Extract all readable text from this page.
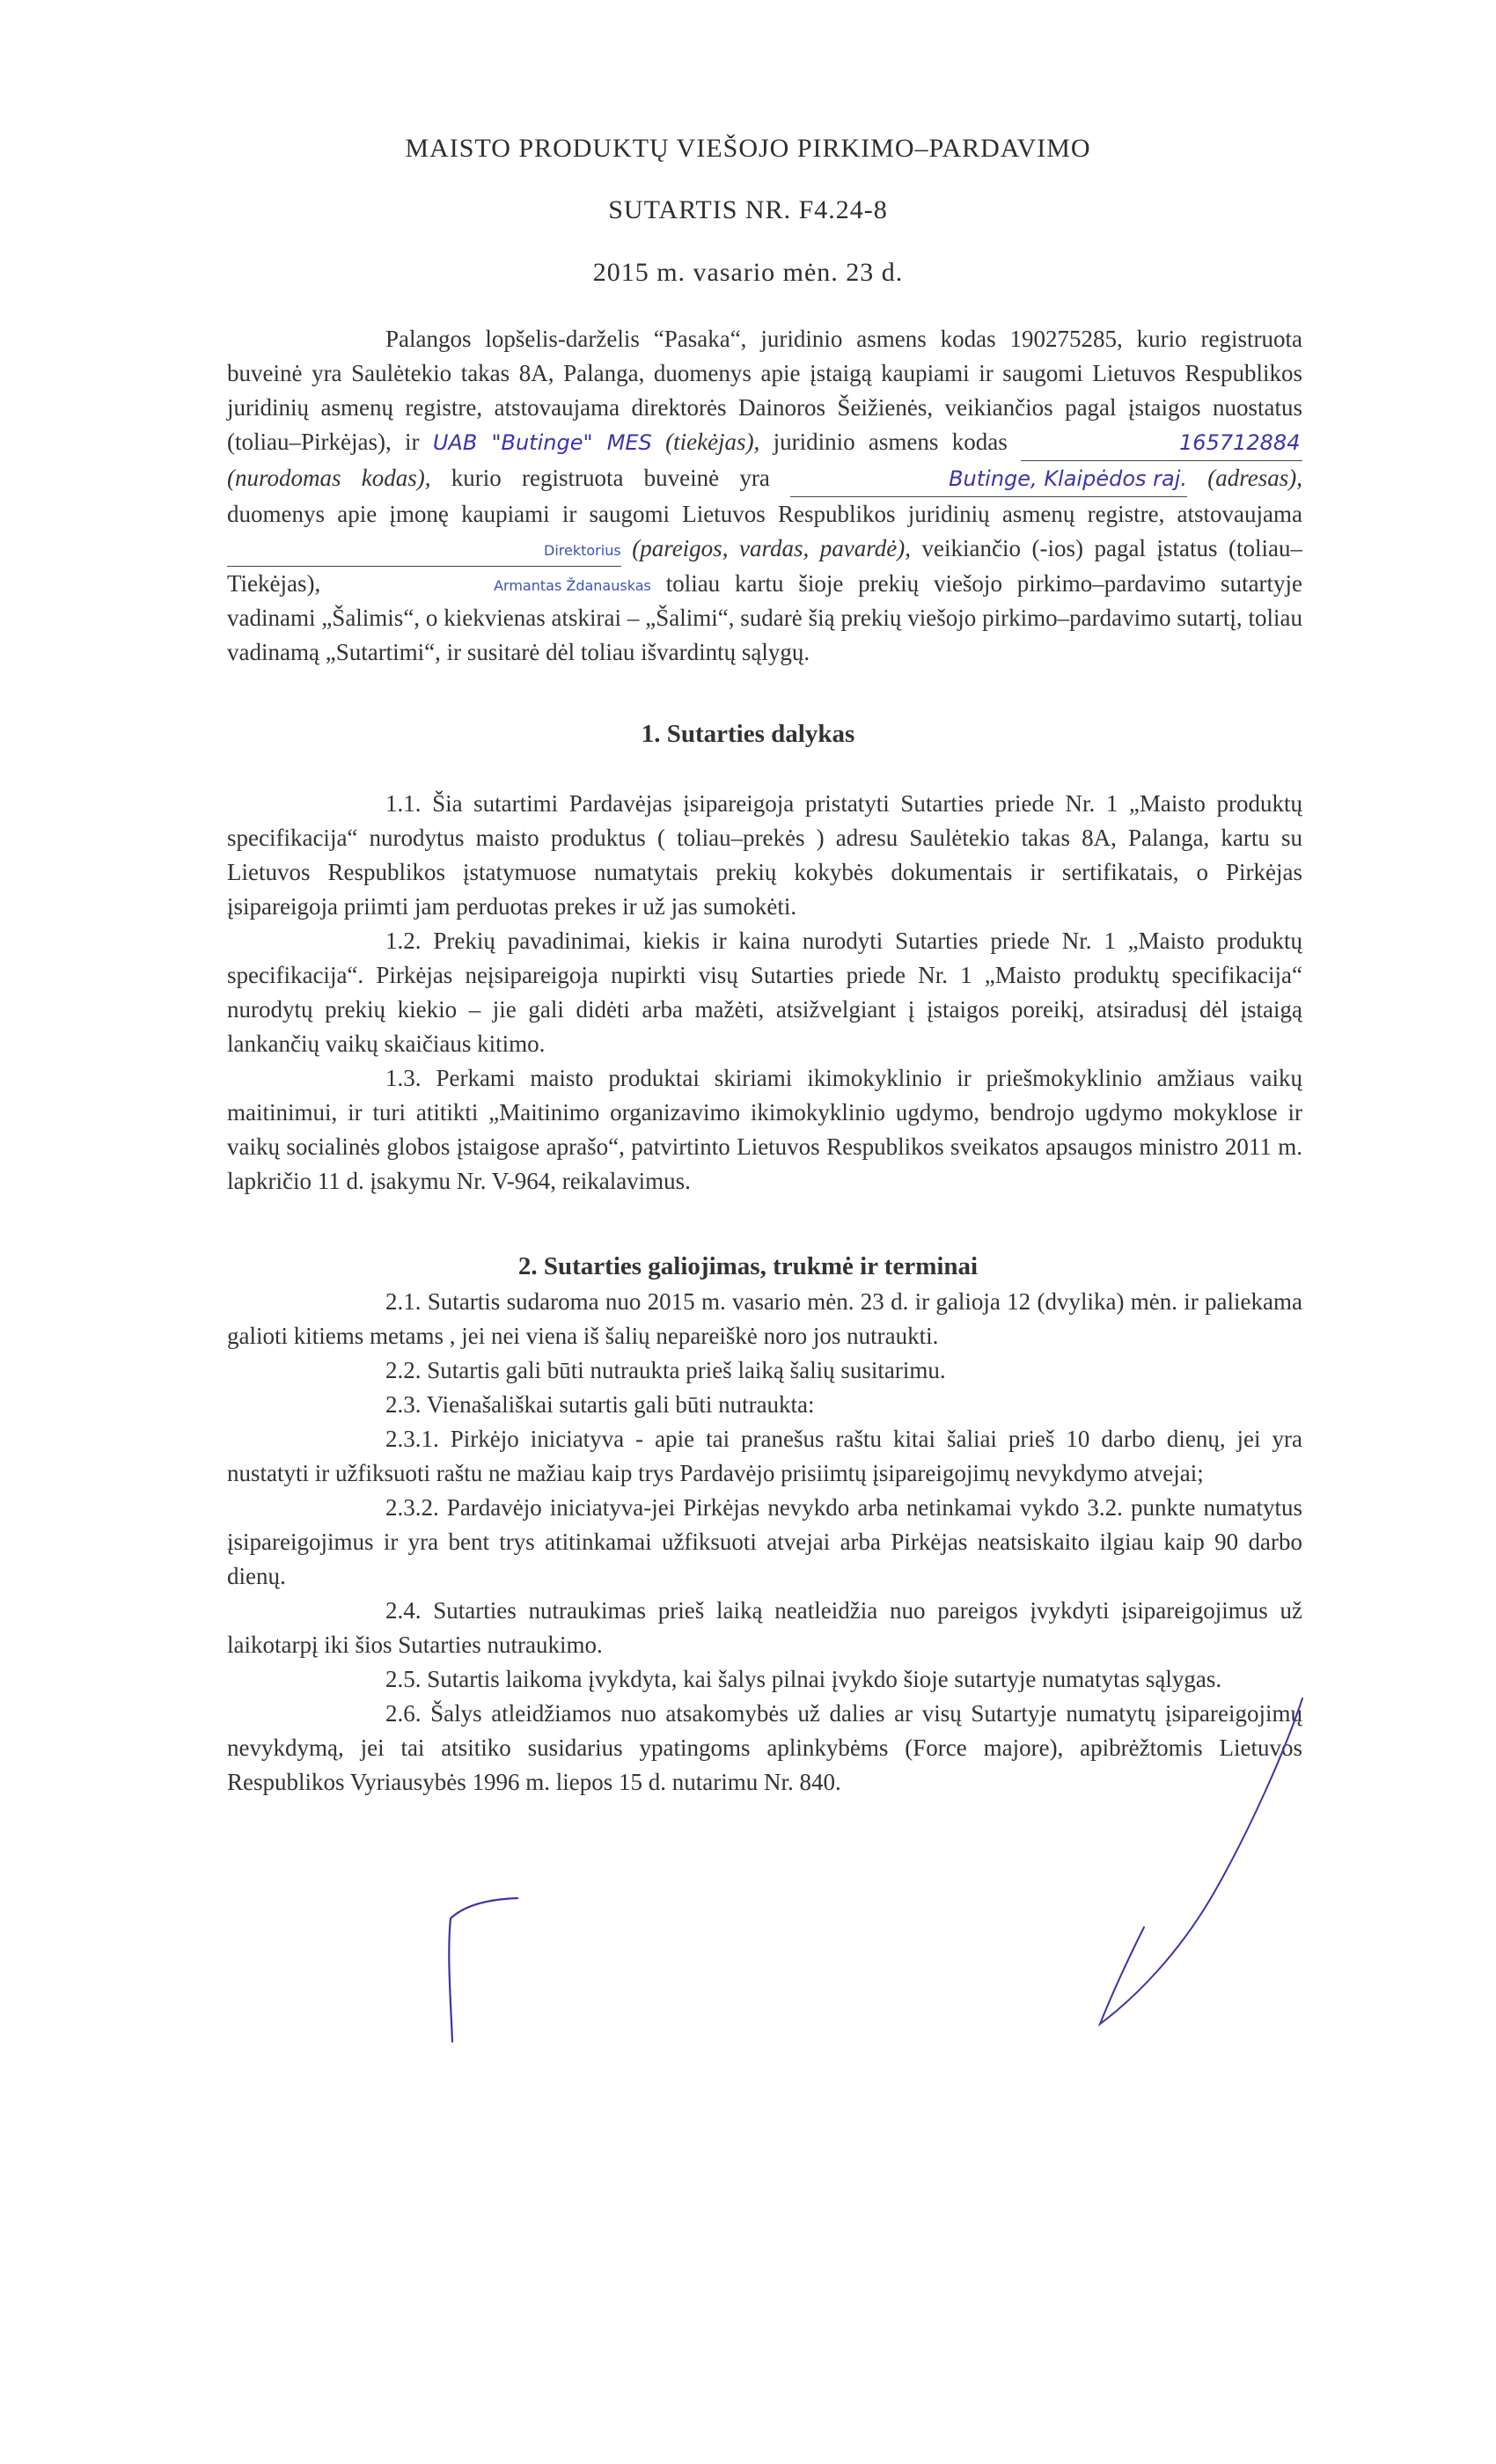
MAISTO PRODUKTŲ VIEŠOJO PIRKIMO–PARDAVIMO
SUTARTIS NR. F4.24-8
2015 m. vasario mėn. 23 d.

Palangos lopšelis-darželis “Pasaka“, juridinio asmens kodas 190275285, kurio registruota buveinė yra Saulėtekio takas 8A, Palanga, duomenys apie įstaigą kaupiami ir saugomi Lietuvos Respublikos juridinių asmenų registre, atstovaujama direktorės Dainoros Šeižienės, veikiančios pagal įstaigos nuostatus (toliau–Pirkėjas), ir UAB "Butinge" MES (tiekėjas), juridinio asmens kodas	165712884 (nurodomas kodas), kurio registruota buveinė yra	Butinge, Klaipėdos raj. (adresas), duomenys apie įmonę kaupiami ir saugomi Lietuvos Respublikos juridinių asmenų registre, atstovaujama Direktorius (pareigos, vardas, pavardė), veikiančio (-ios) pagal įstatus (toliau–Tiekėjas),	Armantas Ždanauskas toliau kartu šioje prekių viešojo pirkimo–pardavimo sutartyje vadinami „Šalimis“, o kiekvienas atskirai – „Šalimi“, sudarė šią prekių viešojo pirkimo–pardavimo sutartį, toliau vadinamą „Sutartimi“, ir susitarė dėl toliau išvardintų sąlygų.

1. Sutarties dalykas

1.1. Šia sutartimi Pardavėjas įsipareigoja pristatyti Sutarties priede Nr. 1 „Maisto produktų specifikacija“ nurodytus maisto produktus ( toliau–prekės ) adresu Saulėtekio takas 8A, Palanga, kartu su Lietuvos Respublikos įstatymuose numatytais prekių kokybės dokumentais ir sertifikatais, o Pirkėjas įsipareigoja priimti jam perduotas prekes ir už jas sumokėti.

1.2. Prekių pavadinimai, kiekis ir kaina nurodyti Sutarties priede Nr. 1 „Maisto produktų specifikacija“. Pirkėjas neįsipareigoja nupirkti visų Sutarties priede Nr. 1 „Maisto produktų specifikacija“ nurodytų prekių kiekio – jie gali didėti arba mažėti, atsižvelgiant į įstaigos poreikį, atsiradusį dėl įstaigą lankančių vaikų skaičiaus kitimo.

1.3. Perkami maisto produktai skiriami ikimokyklinio ir priešmokyklinio amžiaus vaikų maitinimui, ir turi atitikti „Maitinimo organizavimo ikimokyklinio ugdymo, bendrojo ugdymo mokyklose ir vaikų socialinės globos įstaigose aprašo“, patvirtinto Lietuvos Respublikos sveikatos apsaugos ministro 2011 m. lapkričio 11 d. įsakymu Nr. V-964, reikalavimus.

2. Sutarties galiojimas, trukmė ir terminai

2.1. Sutartis sudaroma nuo 2015 m. vasario mėn. 23 d. ir galioja 12 (dvylika) mėn. ir paliekama galioti kitiems metams , jei nei viena iš šalių nepareiškė noro jos nutraukti.

2.2. Sutartis gali būti nutraukta prieš laiką šalių susitarimu.

2.3. Vienašališkai sutartis gali būti nutraukta:

2.3.1. Pirkėjo iniciatyva - apie tai pranešus raštu kitai šaliai prieš 10 darbo dienų, jei yra nustatyti ir užfiksuoti raštu ne mažiau kaip trys Pardavėjo prisiimtų įsipareigojimų nevykdymo atvejai;

2.3.2. Pardavėjo iniciatyva-jei Pirkėjas nevykdo arba netinkamai vykdo 3.2. punkte numatytus įsipareigojimus ir yra bent trys atitinkamai užfiksuoti atvejai arba Pirkėjas neatsiskaito ilgiau kaip 90 darbo dienų.

2.4. Sutarties nutraukimas prieš laiką neatleidžia nuo pareigos įvykdyti įsipareigojimus už laikotarpį iki šios Sutarties nutraukimo.

2.5. Sutartis laikoma įvykdyta, kai šalys pilnai įvykdo šioje sutartyje numatytas sąlygas.

2.6. Šalys atleidžiamos nuo atsakomybės už dalies ar visų Sutartyje numatytų įsipareigojimų nevykdymą, jei tai atsitiko susidarius ypatingoms aplinkybėms (Force majore), apibrėžtomis Lietuvos Respublikos Vyriausybės 1996 m. liepos 15 d. nutarimu Nr. 840.
